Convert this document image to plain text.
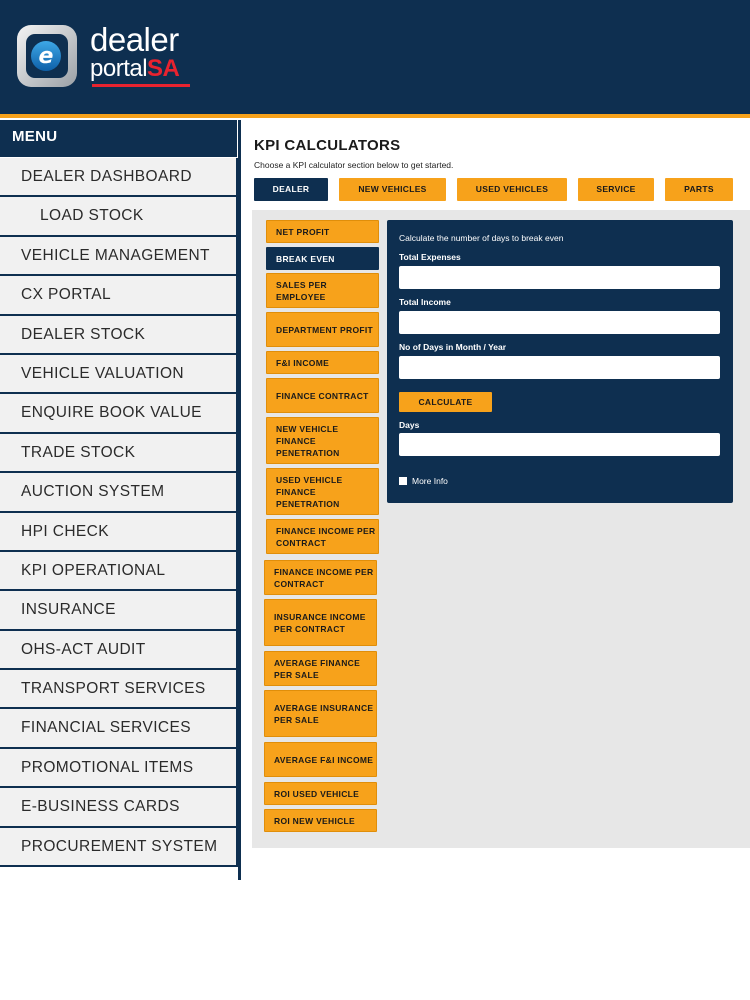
e dealer
portalSA
MENU
DEALER DASHBOARD
LOAD STOCK
VEHICLE MANAGEMENT
CX PORTAL
DEALER STOCK
VEHICLE VALUATION
ENQUIRE BOOK VALUE
TRADE STOCK
AUCTION SYSTEM
HPI CHECK
KPI OPERATIONAL
INSURANCE
OHS-ACT AUDIT
TRANSPORT SERVICES
FINANCIAL SERVICES
PROMOTIONAL ITEMS
E-BUSINESS CARDS
PROCUREMENT SYSTEM
KPI CALCULATORS
Choose a KPI calculator section below to get started.
DEALER	NEW VEHICLES	USED VEHICLES	SERVICE	PARTS
NET PROFIT
BREAK EVEN
SALES PER EMPLOYEE
DEPARTMENT PROFIT
F&I INCOME
FINANCE CONTRACT
NEW VEHICLE FINANCE PENETRATION
USED VEHICLE FINANCE PENETRATION
FINANCE INCOME PER CONTRACT
FINANCE INCOME PER CONTRACT
INSURANCE INCOME PER CONTRACT
AVERAGE FINANCE PER SALE
AVERAGE INSURANCE PER SALE
AVERAGE F&I INCOME
ROI USED VEHICLE
ROI NEW VEHICLE
Calculate the number of days to break even
Total Expenses
Total Income
No of Days in Month / Year
CALCULATE
Days
More Info
